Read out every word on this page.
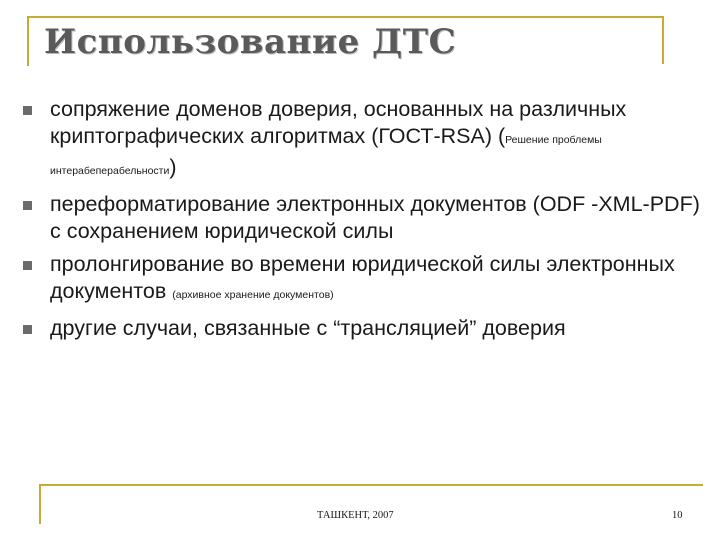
Использование ДТС
сопряжение доменов доверия, основанных на различных криптографических алгоритмах (ГОСТ-RSA) (Решение проблемы интерабеперабельности)
переформатирование электронных документов (ODF -XML-PDF) с сохранением юридической силы
пролонгирование во времени юридической силы электронных документов (архивное хранение документов)
другие случаи, связанные с “трансляцией” доверия
ТАШКЕНТ, 2007	10
